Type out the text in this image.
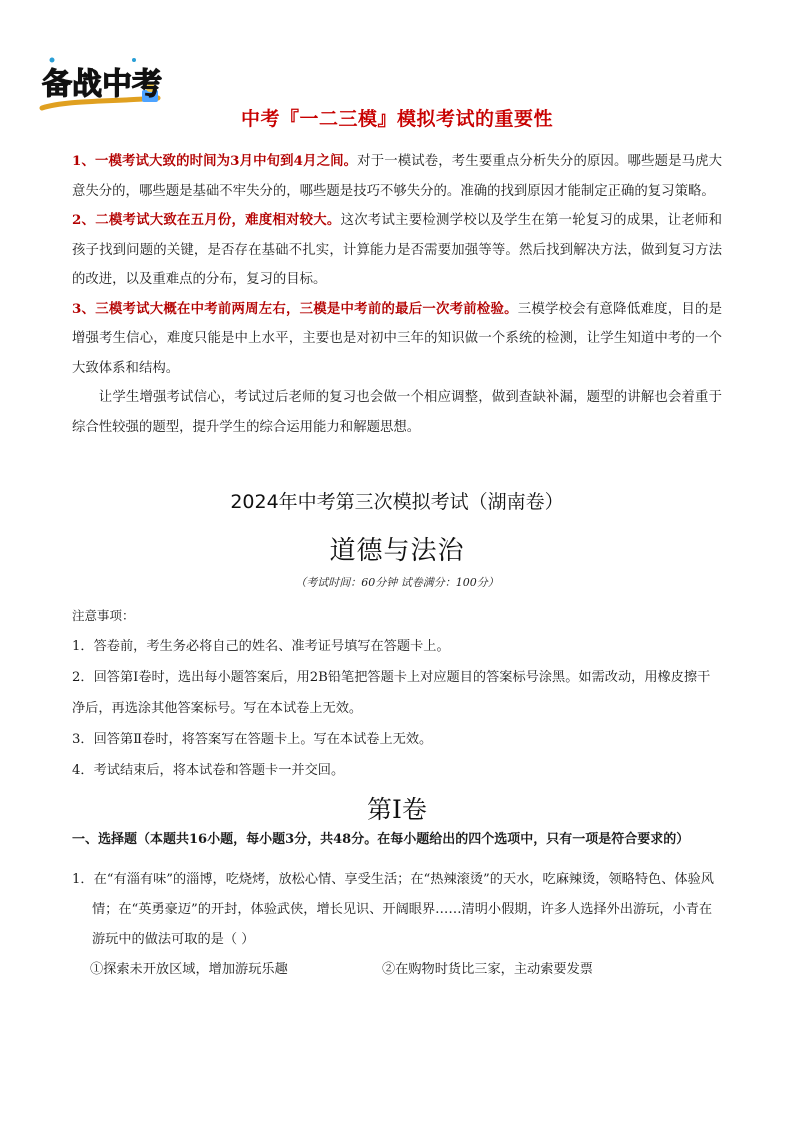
备战中考
中考『一二三模』模拟考试的重要性

1、一模考试大致的时间为3月中旬到4月之间。对于一模试卷，考生要重点分析失分的原因。哪些题是马虎大意失分的，哪些题是基础不牢失分的，哪些题是技巧不够失分的。准确的找到原因才能制定正确的复习策略。

2、二模考试大致在五月份，难度相对较大。这次考试主要检测学校以及学生在第一轮复习的成果，让老师和孩子找到问题的关键，是否存在基础不扎实，计算能力是否需要加强等等。然后找到解决方法，做到复习方法的改进，以及重难点的分布，复习的目标。

3、三模考试大概在中考前两周左右，三模是中考前的最后一次考前检验。三模学校会有意降低难度，目的是增强考生信心，难度只能是中上水平，主要也是对初中三年的知识做一个系统的检测，让学生知道中考的一个大致体系和结构。

让学生增强考试信心，考试过后老师的复习也会做一个相应调整，做到查缺补漏，题型的讲解也会着重于综合性较强的题型，提升学生的综合运用能力和解题思想。

2024年中考第三次模拟考试（湖南卷）
道德与法治
（考试时间：60分钟 试卷满分：100分）

注意事项：

1．答卷前，考生务必将自己的姓名、准考证号填写在答题卡上。

2．回答第Ⅰ卷时，选出每小题答案后，用2B铅笔把答题卡上对应题目的答案标号涂黑。如需改动，用橡皮擦干净后，再选涂其他答案标号。写在本试卷上无效。

3．回答第Ⅱ卷时，将答案写在答题卡上。写在本试卷上无效。

4．考试结束后，将本试卷和答题卡一并交回。

第Ⅰ卷

一、选择题（本题共16小题，每小题3分，共48分。在每小题给出的四个选项中，只有一项是符合要求的）

1．在“有淄有味”的淄博，吃烧烤，放松心情、享受生活；在“热辣滚烫”的天水，吃麻辣烫，领略特色、体验风情；在“英勇豪迈”的开封，体验武侠，增长见识、开阔眼界……清明小假期，许多人选择外出游玩，小青在游玩中的做法可取的是（ ）

①探索未开放区域，增加游玩乐趣	②在购物时货比三家，主动索要发票
